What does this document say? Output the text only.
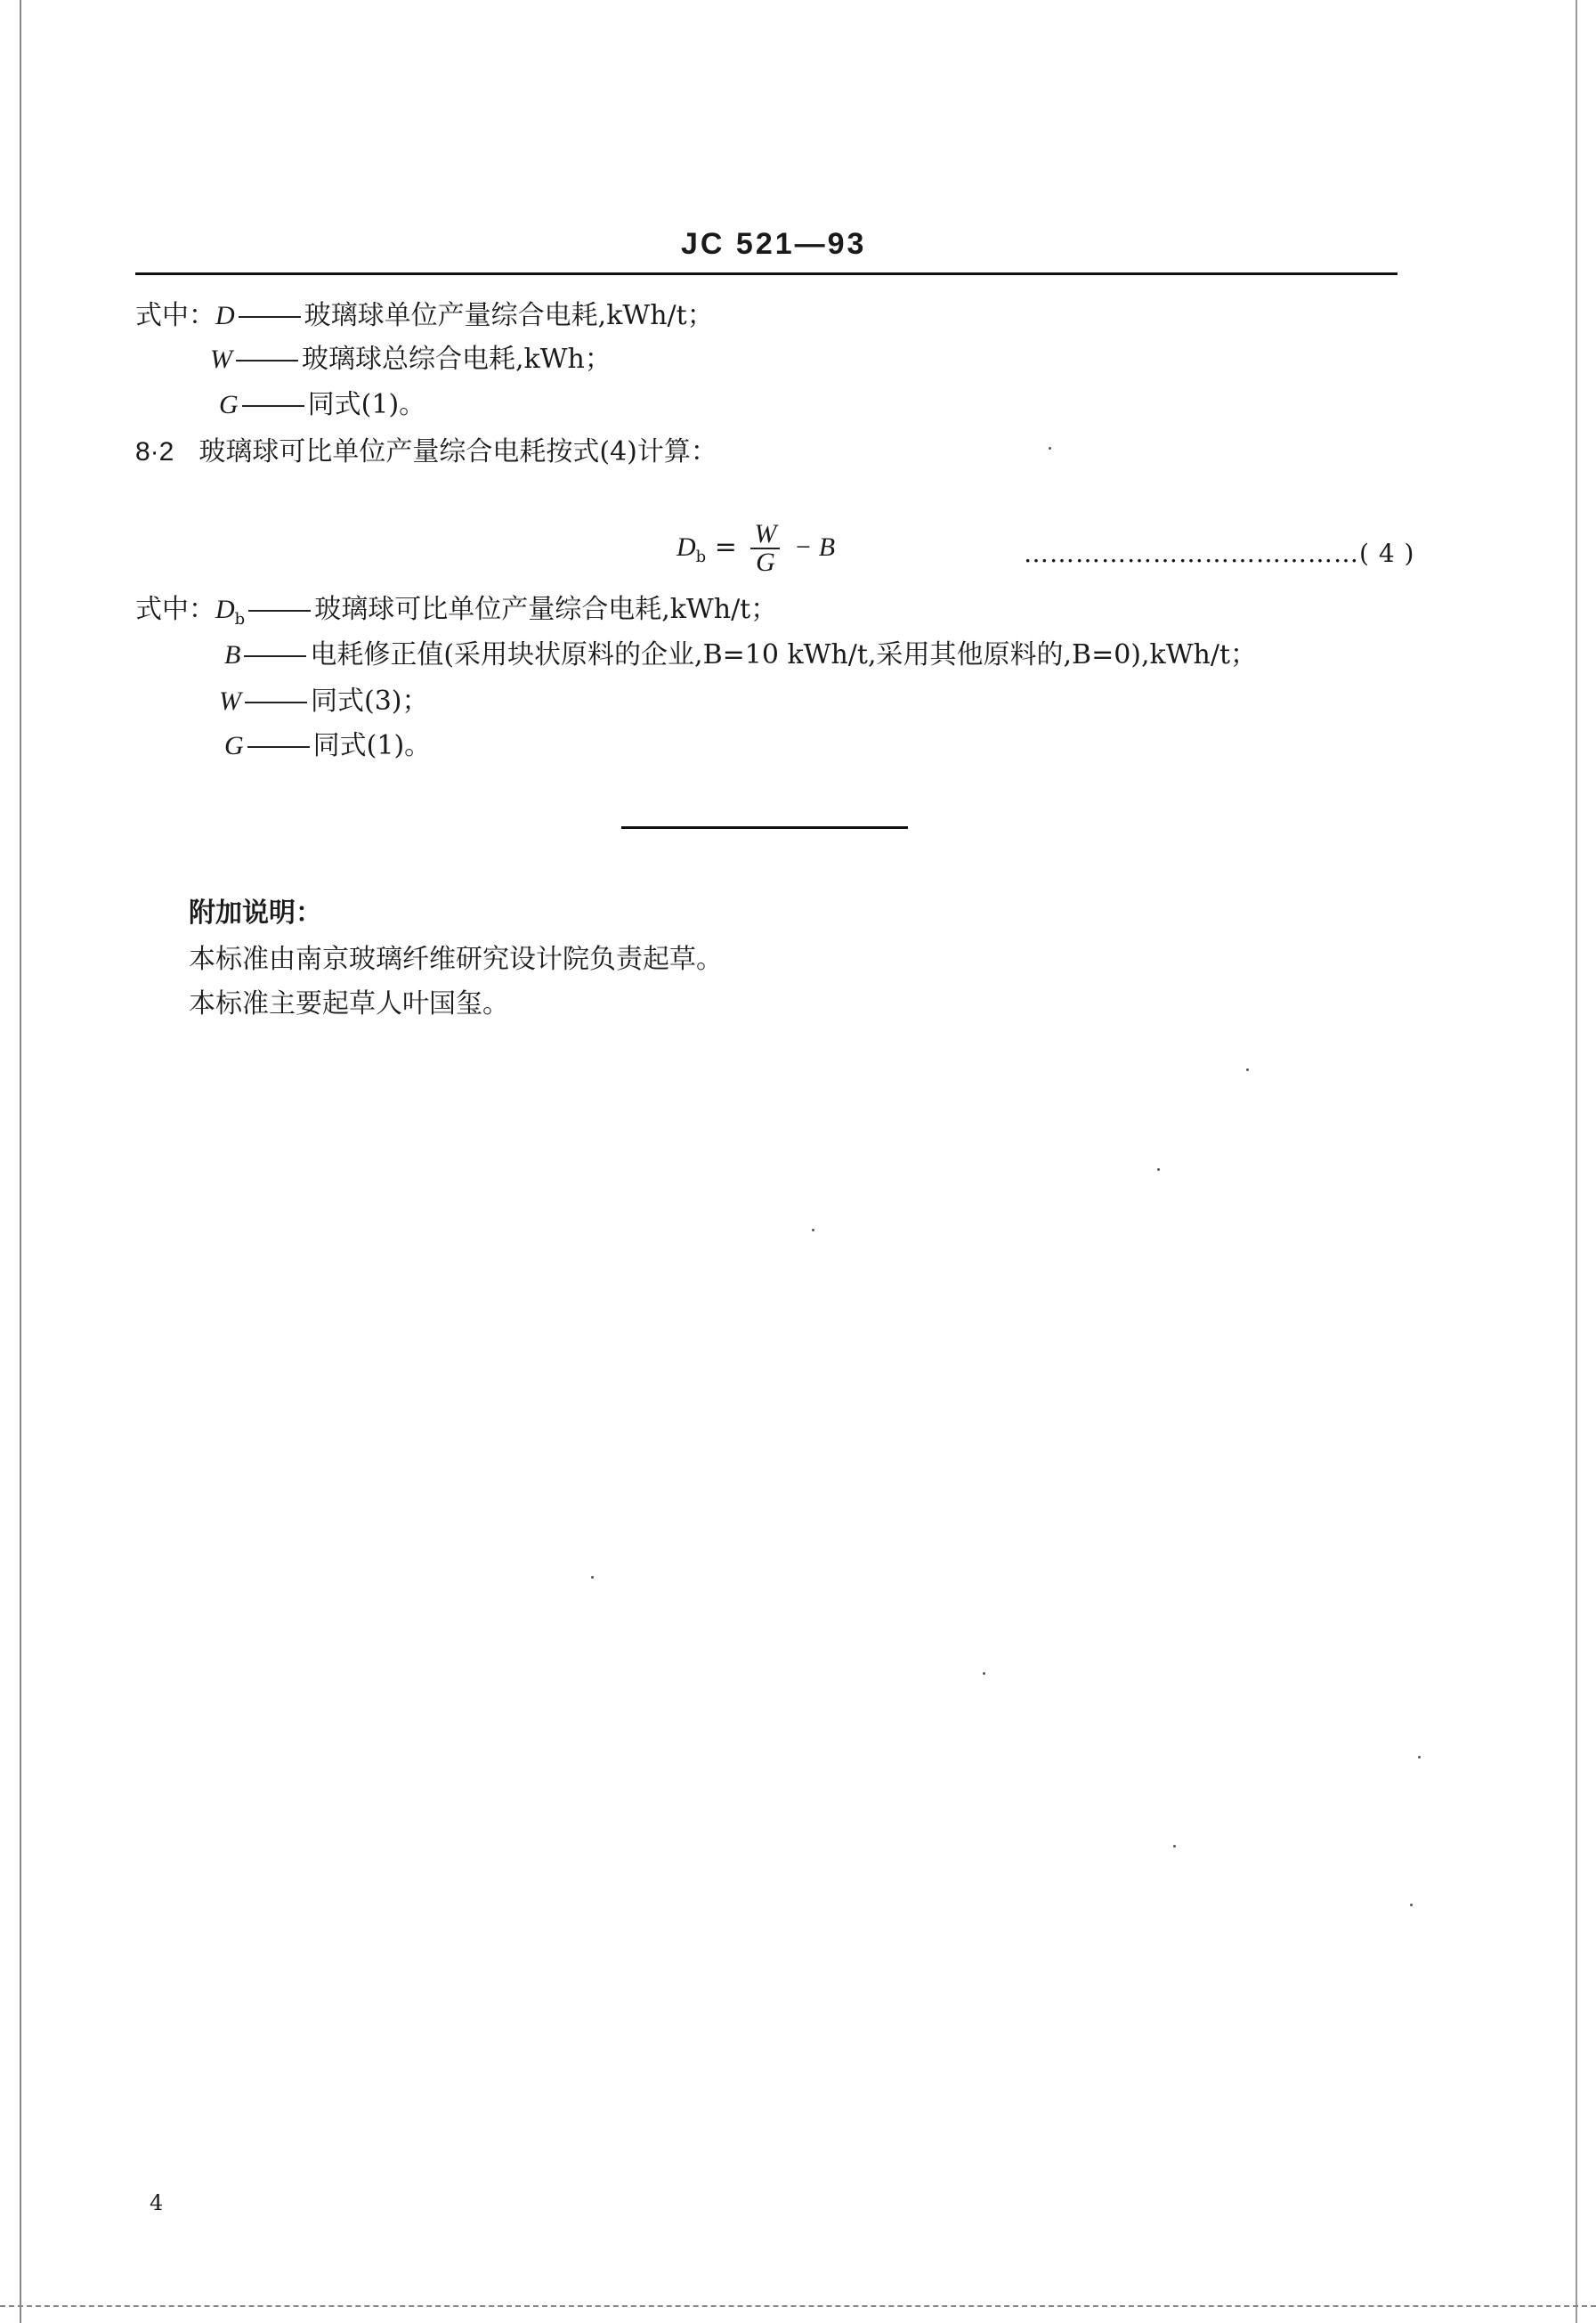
JC 521—93
式中：D	玻璃球单位产量综合电耗,kWh/t；
W	玻璃球总综合电耗,kWh；
G	同式(1)。
8·2 玻璃球可比单位产量综合电耗按式(4)计算：
$D_b = \frac{W}{G} - B$	…………………………………( 4 )
式中：$D_b$	玻璃球可比单位产量综合电耗,kWh/t；
B	电耗修正值(采用块状原料的企业,B=10 kWh/t,采用其他原料的,B=0),kWh/t；
W	同式(3)；
G	同式(1)。
附加说明：
本标准由南京玻璃纤维研究设计院负责起草。
本标准主要起草人叶国玺。
4
